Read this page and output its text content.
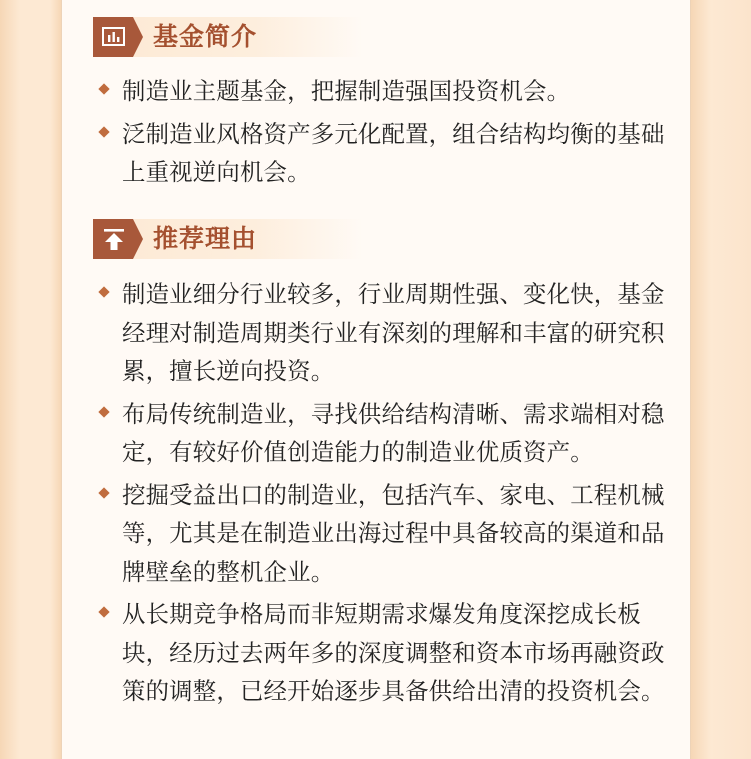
基金简介
制造业主题基金，把握制造强国投资机会。
泛制造业风格资产多元化配置，组合结构均衡的基础上重视逆向机会。
推荐理由
制造业细分行业较多，行业周期性强、变化快，基金经理对制造周期类行业有深刻的理解和丰富的研究积累，擅长逆向投资。
布局传统制造业，寻找供给结构清晰、需求端相对稳定，有较好价值创造能力的制造业优质资产。
挖掘受益出口的制造业，包括汽车、家电、工程机械等，尤其是在制造业出海过程中具备较高的渠道和品牌壁垒的整机企业。
从长期竞争格局而非短期需求爆发角度深挖成长板块，经历过去两年多的深度调整和资本市场再融资政策的调整，已经开始逐步具备供给出清的投资机会。
